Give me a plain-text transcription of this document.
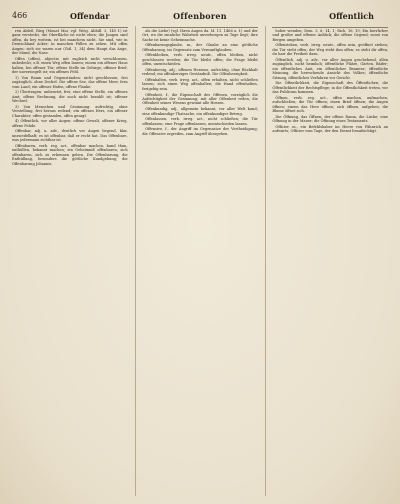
466	Offendar	Offenboren	Offentlich

ren Ableß, Rieg (Monat Mai, vgl. Weig. Abhdl. 3, 145 f.) ist ganz versteckt, die Oberfläche ist nicht eben; die Jungen sind offen, da bey weitem, ist bei manchem nicht. Sie sind, wie in Deutschland Acker; in manchen Fällen zu sehen. Mit offen Augen: sieh sie waren nur (Gitl. 1, 34) dem Haupt das Auge, der Mund, die Nase.

Offen (offen), abjectiv, mit zugleich nicht verschlossen, unbedeckt, z.B. einen Weg offen lassen; einem ein offenes Haus halten; bei offener Tür; offene Stelle im Gebirge; offener Brief, der unversiegelt ist; ein offenes Feld.

1) Von Raum und Gegenständen: nicht geschlossen, frei zugänglich, ohne Deckel. Die offene See, das offene Meer, fern vom Land; ein offener Hafen; offene Flanke.

2) Übertragen: unbesetzt, frei; eine offene Stelle, ein offenes Amt; offene Rechnung, die noch nicht bezahlt ist; offener Wechsel.

3) Von Menschen und Gesinnung: aufrichtig, ohne Verstellung, frei heraus redend; ein offenes Herz, ein offener Charakter; offen gestanden, offen gesagt.

4) Öffentlich, vor aller Augen: offene Gewalt, offener Krieg, offene Fehde.

Offenbar, adj. u. adv., deutlich vor Augen liegend, klar, unzweifelhaft; es ist offenbar, daß er recht hat. Das Offenbare, was jedermann sichtbar ist.

Offenbaren, verb. reg. act., offenbar machen, kund thun, enthüllen, bekannt machen; ein Geheimniß offenbaren; sich offenbaren, sich zu erkennen geben. Die Offenbarung, die Enthüllung, besonders die göttliche Kundgebung; die Offenbarung Johannis.

als die Liebe) (vgl. Ihren Augen da. M. 11, 1466 u. f.) und der Ort, wo die sinnliche Wahrheit unverborgen zu Tage liegt; ihre Sache ist keine Geheimsache.

Offenbarungsglaube, m., der Glaube an eine göttliche Offenbarung, im Gegensatz zum Vernunftglauben.

Offenbleiben, verb. irreg. neutr., offen bleiben, nicht geschlossen werden; die Tür bleibt offen; die Frage bleibt offen, unentschieden.

Offenherzig, adj., offenen Herzens, aufrichtig, ohne Rückhalt redend; ein offenherziges Geständniß. Die Offenherzigkeit.

Offenhalten, verb. irreg. act., offen erhalten, nicht schließen lassen; sich einen Weg offenhalten; die Hand offenhalten, freigebig sein.

Offenheit, f., die Eigenschaft des Offenen, vorzüglich die Aufrichtigkeit der Gesinnung; mit aller Offenheit reden; die Offenheit seines Wesens gewinnt alle Herzen.

Offenkundig, adj., allgemein bekannt, vor aller Welt kund; eine offenkundige Thatsache, ein offenkundiger Betrug.

Offenlassen, verb. irreg. act., nicht schließen; die Tür offenlassen; eine Frage offenlassen, unentschieden lassen.

Offensive, f., der Angriff im Gegensatze der Vertheidigung; die Offensive ergreifen, zum Angriff übergehen.

hoher wenden; Dem. 3, 6; 14, 1; Rich. 16, 19; Ein herrlicher und großer und offener Anblick; die offene Gegend; sonst von Bergen umgeben.

Offenstehen, verb. irreg. neutr., offen sein, geöffnet stehen; die Tür steht offen; der Weg steht ihm offen; es steht dir offen, du hast die Freiheit dazu.

Öffentlich, adj. u. adv., vor aller Augen geschehend, allen zugänglich, nicht heimlich; öffentliche Plätze, Gärten, Bäder; ein öffentliches Amt, ein öffentlicher Beamter; öffentliche Meinung, die herrschende Ansicht des Volkes; öffentliche Sitzung, öffentliches Verfahren vor Gericht.

Die Öffentlichkeit, die Eigenschaft des Öffentlichen; die Öffentlichkeit der Rechtspflege; in die Öffentlichkeit treten, vor das Publicum kommen.

Öffnen, verb. reg. act., offen machen, aufmachen, aufschließen; die Tür öffnen; einen Brief öffnen; die Augen öffnen; einem das Herz öffnen; sich öffnen, aufgehen; die Blume öffnet sich.

Die Öffnung, das Öffnen; der offene Raum, die Lücke; eine Öffnung in der Mauer; die Öffnung eines Testaments.

Officier, m., ein Befehlshaber im Heere von Fähnrich an aufwärts; Officier vom Tage, der den Dienst beaufsichtigt.
